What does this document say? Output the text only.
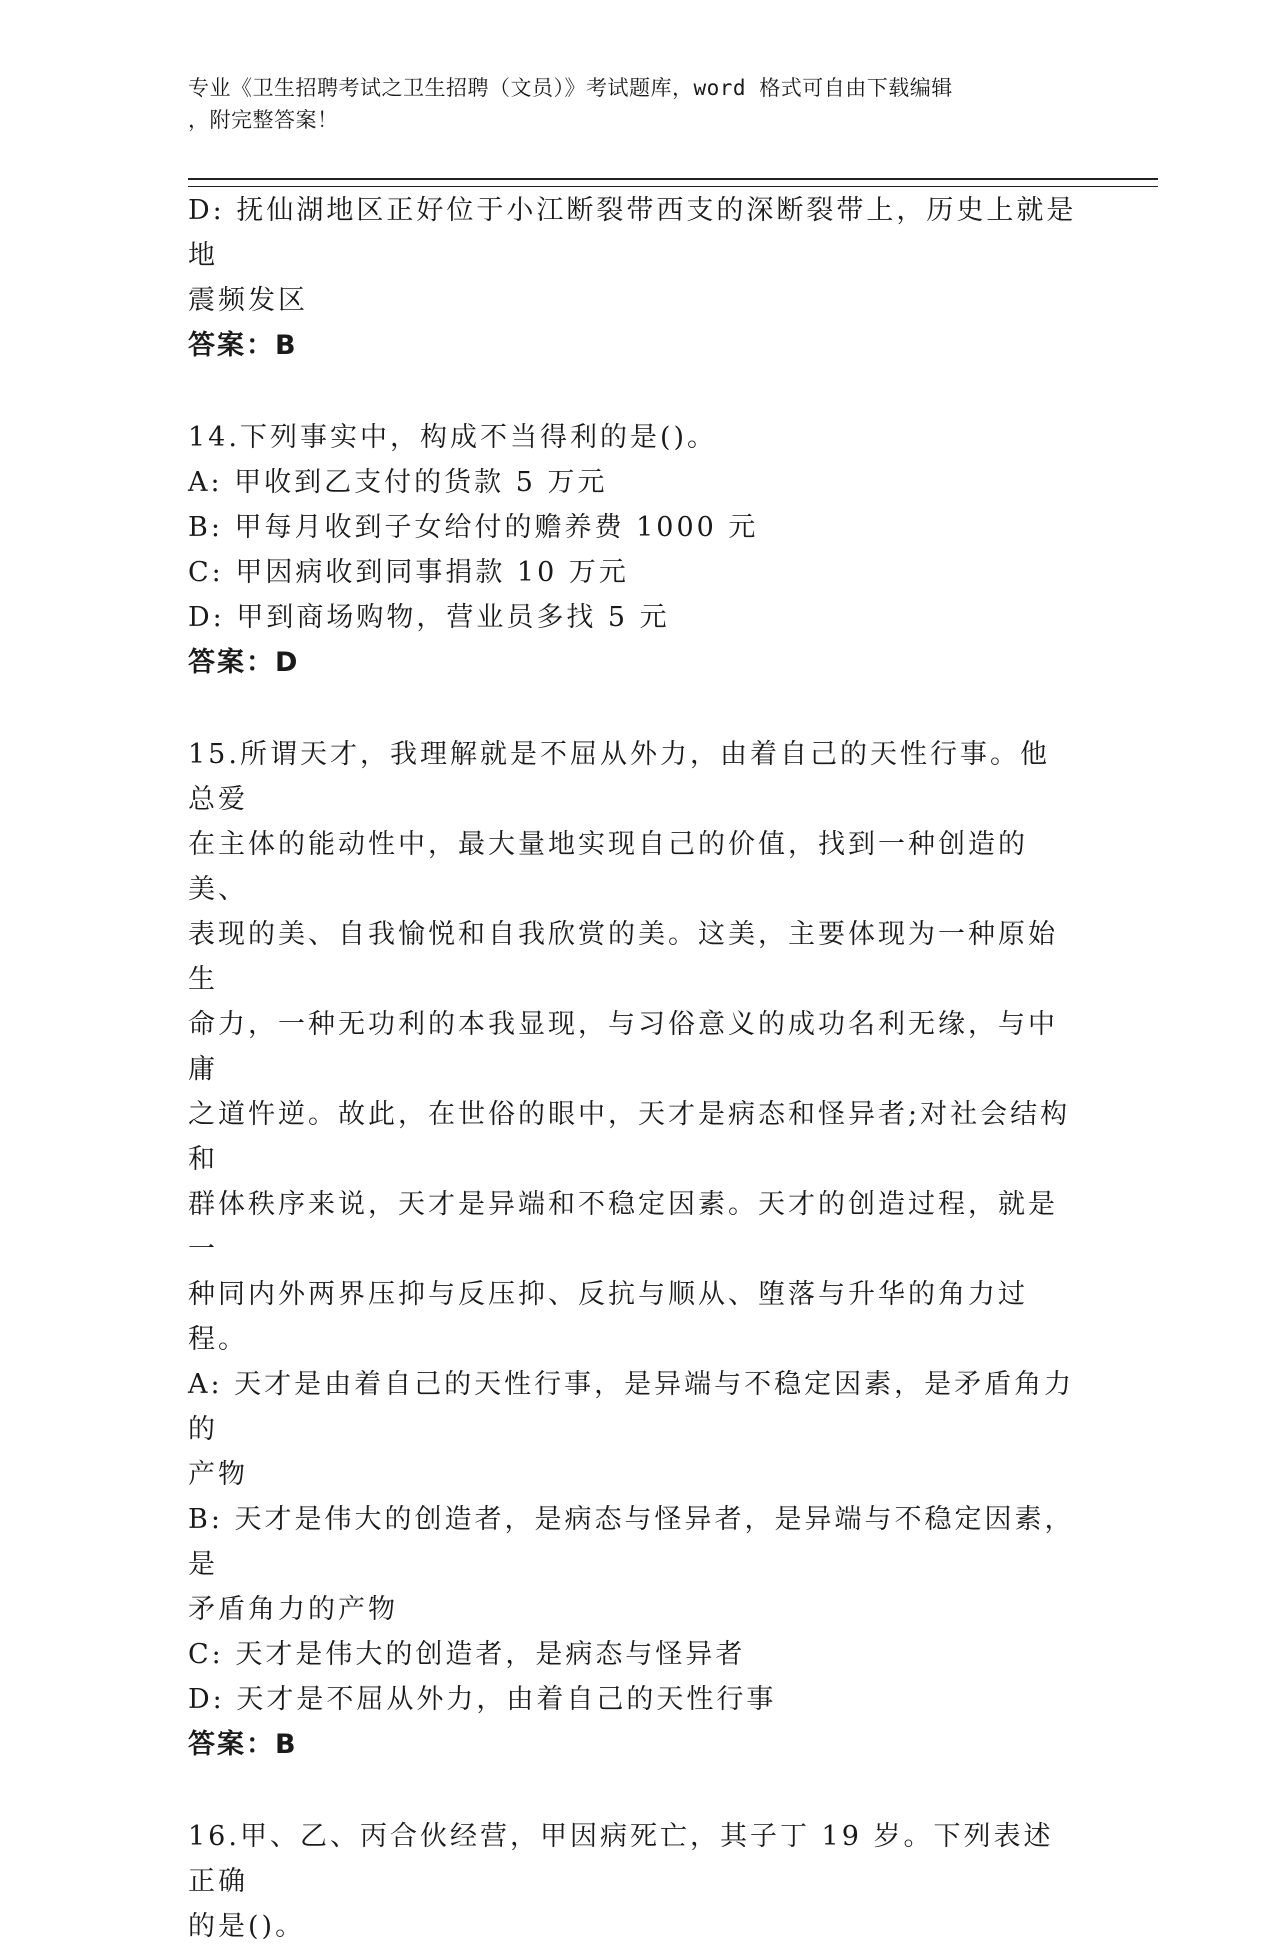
专业《卫生招聘考试之卫生招聘（文员）》考试题库，word 格式可自由下载编辑
，附完整答案！
D: 抚仙湖地区正好位于小江断裂带西支的深断裂带上，历史上就是地
震频发区
答案：B
14.下列事实中，构成不当得利的是()。
A: 甲收到乙支付的货款 5 万元
B: 甲每月收到子女给付的赡养费 1000 元
C: 甲因病收到同事捐款 10 万元
D: 甲到商场购物，营业员多找 5 元
答案：D
15.所谓天才，我理解就是不屈从外力，由着自己的天性行事。他总爱
在主体的能动性中，最大量地实现自己的价值，找到一种创造的美、
表现的美、自我愉悦和自我欣赏的美。这美，主要体现为一种原始生
命力，一种无功利的本我显现，与习俗意义的成功名利无缘，与中庸
之道忤逆。故此，在世俗的眼中，天才是病态和怪异者;对社会结构和
群体秩序来说，天才是异端和不稳定因素。天才的创造过程，就是一
种同内外两界压抑与反压抑、反抗与顺从、堕落与升华的角力过程。
A: 天才是由着自己的天性行事，是异端与不稳定因素，是矛盾角力的
产物
B: 天才是伟大的创造者，是病态与怪异者，是异端与不稳定因素，是
矛盾角力的产物
C: 天才是伟大的创造者，是病态与怪异者
D: 天才是不屈从外力，由着自己的天性行事
答案：B
16.甲、乙、丙合伙经营，甲因病死亡，其子丁 19 岁。下列表述正确
的是()。
